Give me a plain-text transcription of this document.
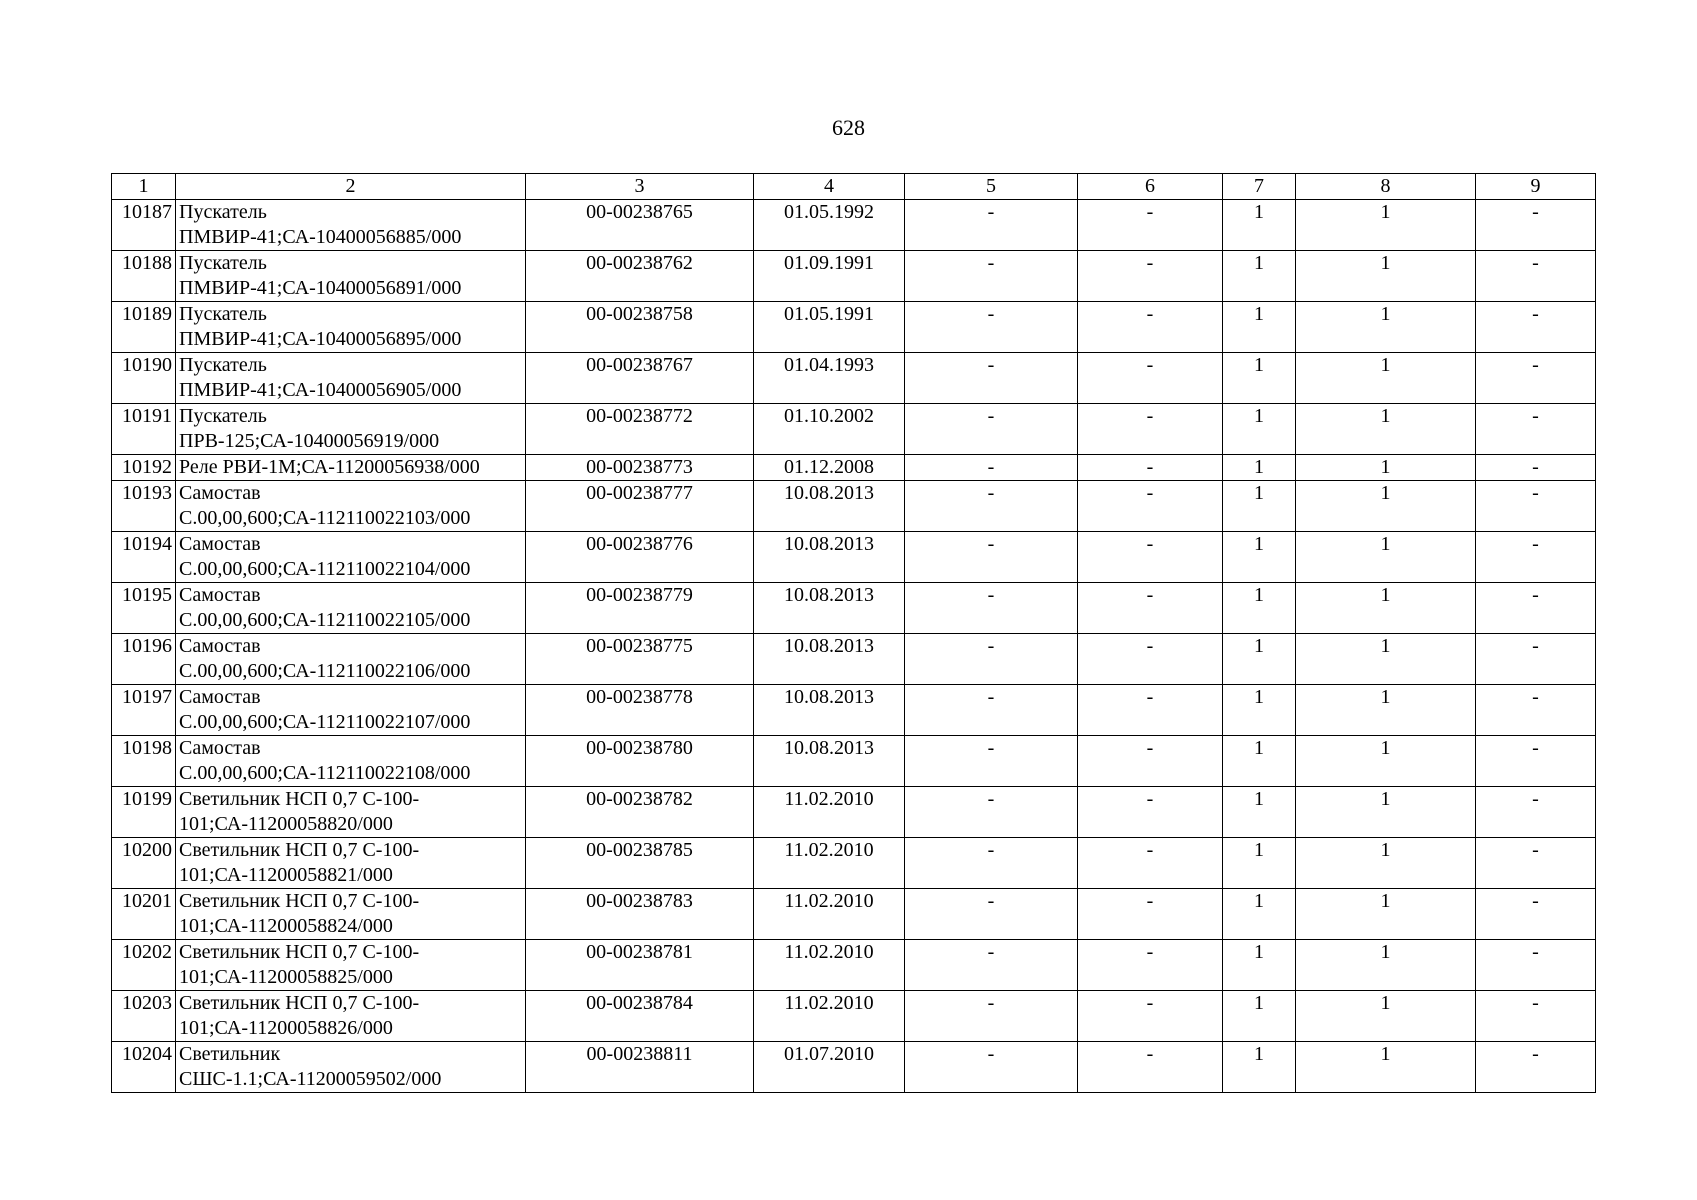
628
1	2	3	4	5	6	7	8	9
10187	Пускатель ПМВИР-41;СА-10400056885/000	00-00238765	01.05.1992	-	-	1	1	-
10188	Пускатель ПМВИР-41;СА-10400056891/000	00-00238762	01.09.1991	-	-	1	1	-
10189	Пускатель ПМВИР-41;СА-10400056895/000	00-00238758	01.05.1991	-	-	1	1	-
10190	Пускатель ПМВИР-41;СА-10400056905/000	00-00238767	01.04.1993	-	-	1	1	-
10191	Пускатель ПРВ-125;СА-10400056919/000	00-00238772	01.10.2002	-	-	1	1	-
10192	Реле РВИ-1М;СА-11200056938/000	00-00238773	01.12.2008	-	-	1	1	-
10193	Самостав С.00,00,600;СА-112110022103/000	00-00238777	10.08.2013	-	-	1	1	-
10194	Самостав С.00,00,600;СА-112110022104/000	00-00238776	10.08.2013	-	-	1	1	-
10195	Самостав С.00,00,600;СА-112110022105/000	00-00238779	10.08.2013	-	-	1	1	-
10196	Самостав С.00,00,600;СА-112110022106/000	00-00238775	10.08.2013	-	-	1	1	-
10197	Самостав С.00,00,600;СА-112110022107/000	00-00238778	10.08.2013	-	-	1	1	-
10198	Самостав С.00,00,600;СА-112110022108/000	00-00238780	10.08.2013	-	-	1	1	-
10199	Светильник НСП 0,7 С-100-101;СА-11200058820/000	00-00238782	11.02.2010	-	-	1	1	-
10200	Светильник НСП 0,7 С-100-101;СА-11200058821/000	00-00238785	11.02.2010	-	-	1	1	-
10201	Светильник НСП 0,7 С-100-101;СА-11200058824/000	00-00238783	11.02.2010	-	-	1	1	-
10202	Светильник НСП 0,7 С-100-101;СА-11200058825/000	00-00238781	11.02.2010	-	-	1	1	-
10203	Светильник НСП 0,7 С-100-101;СА-11200058826/000	00-00238784	11.02.2010	-	-	1	1	-
10204	Светильник СШС-1.1;СА-11200059502/000	00-00238811	01.07.2010	-	-	1	1	-
